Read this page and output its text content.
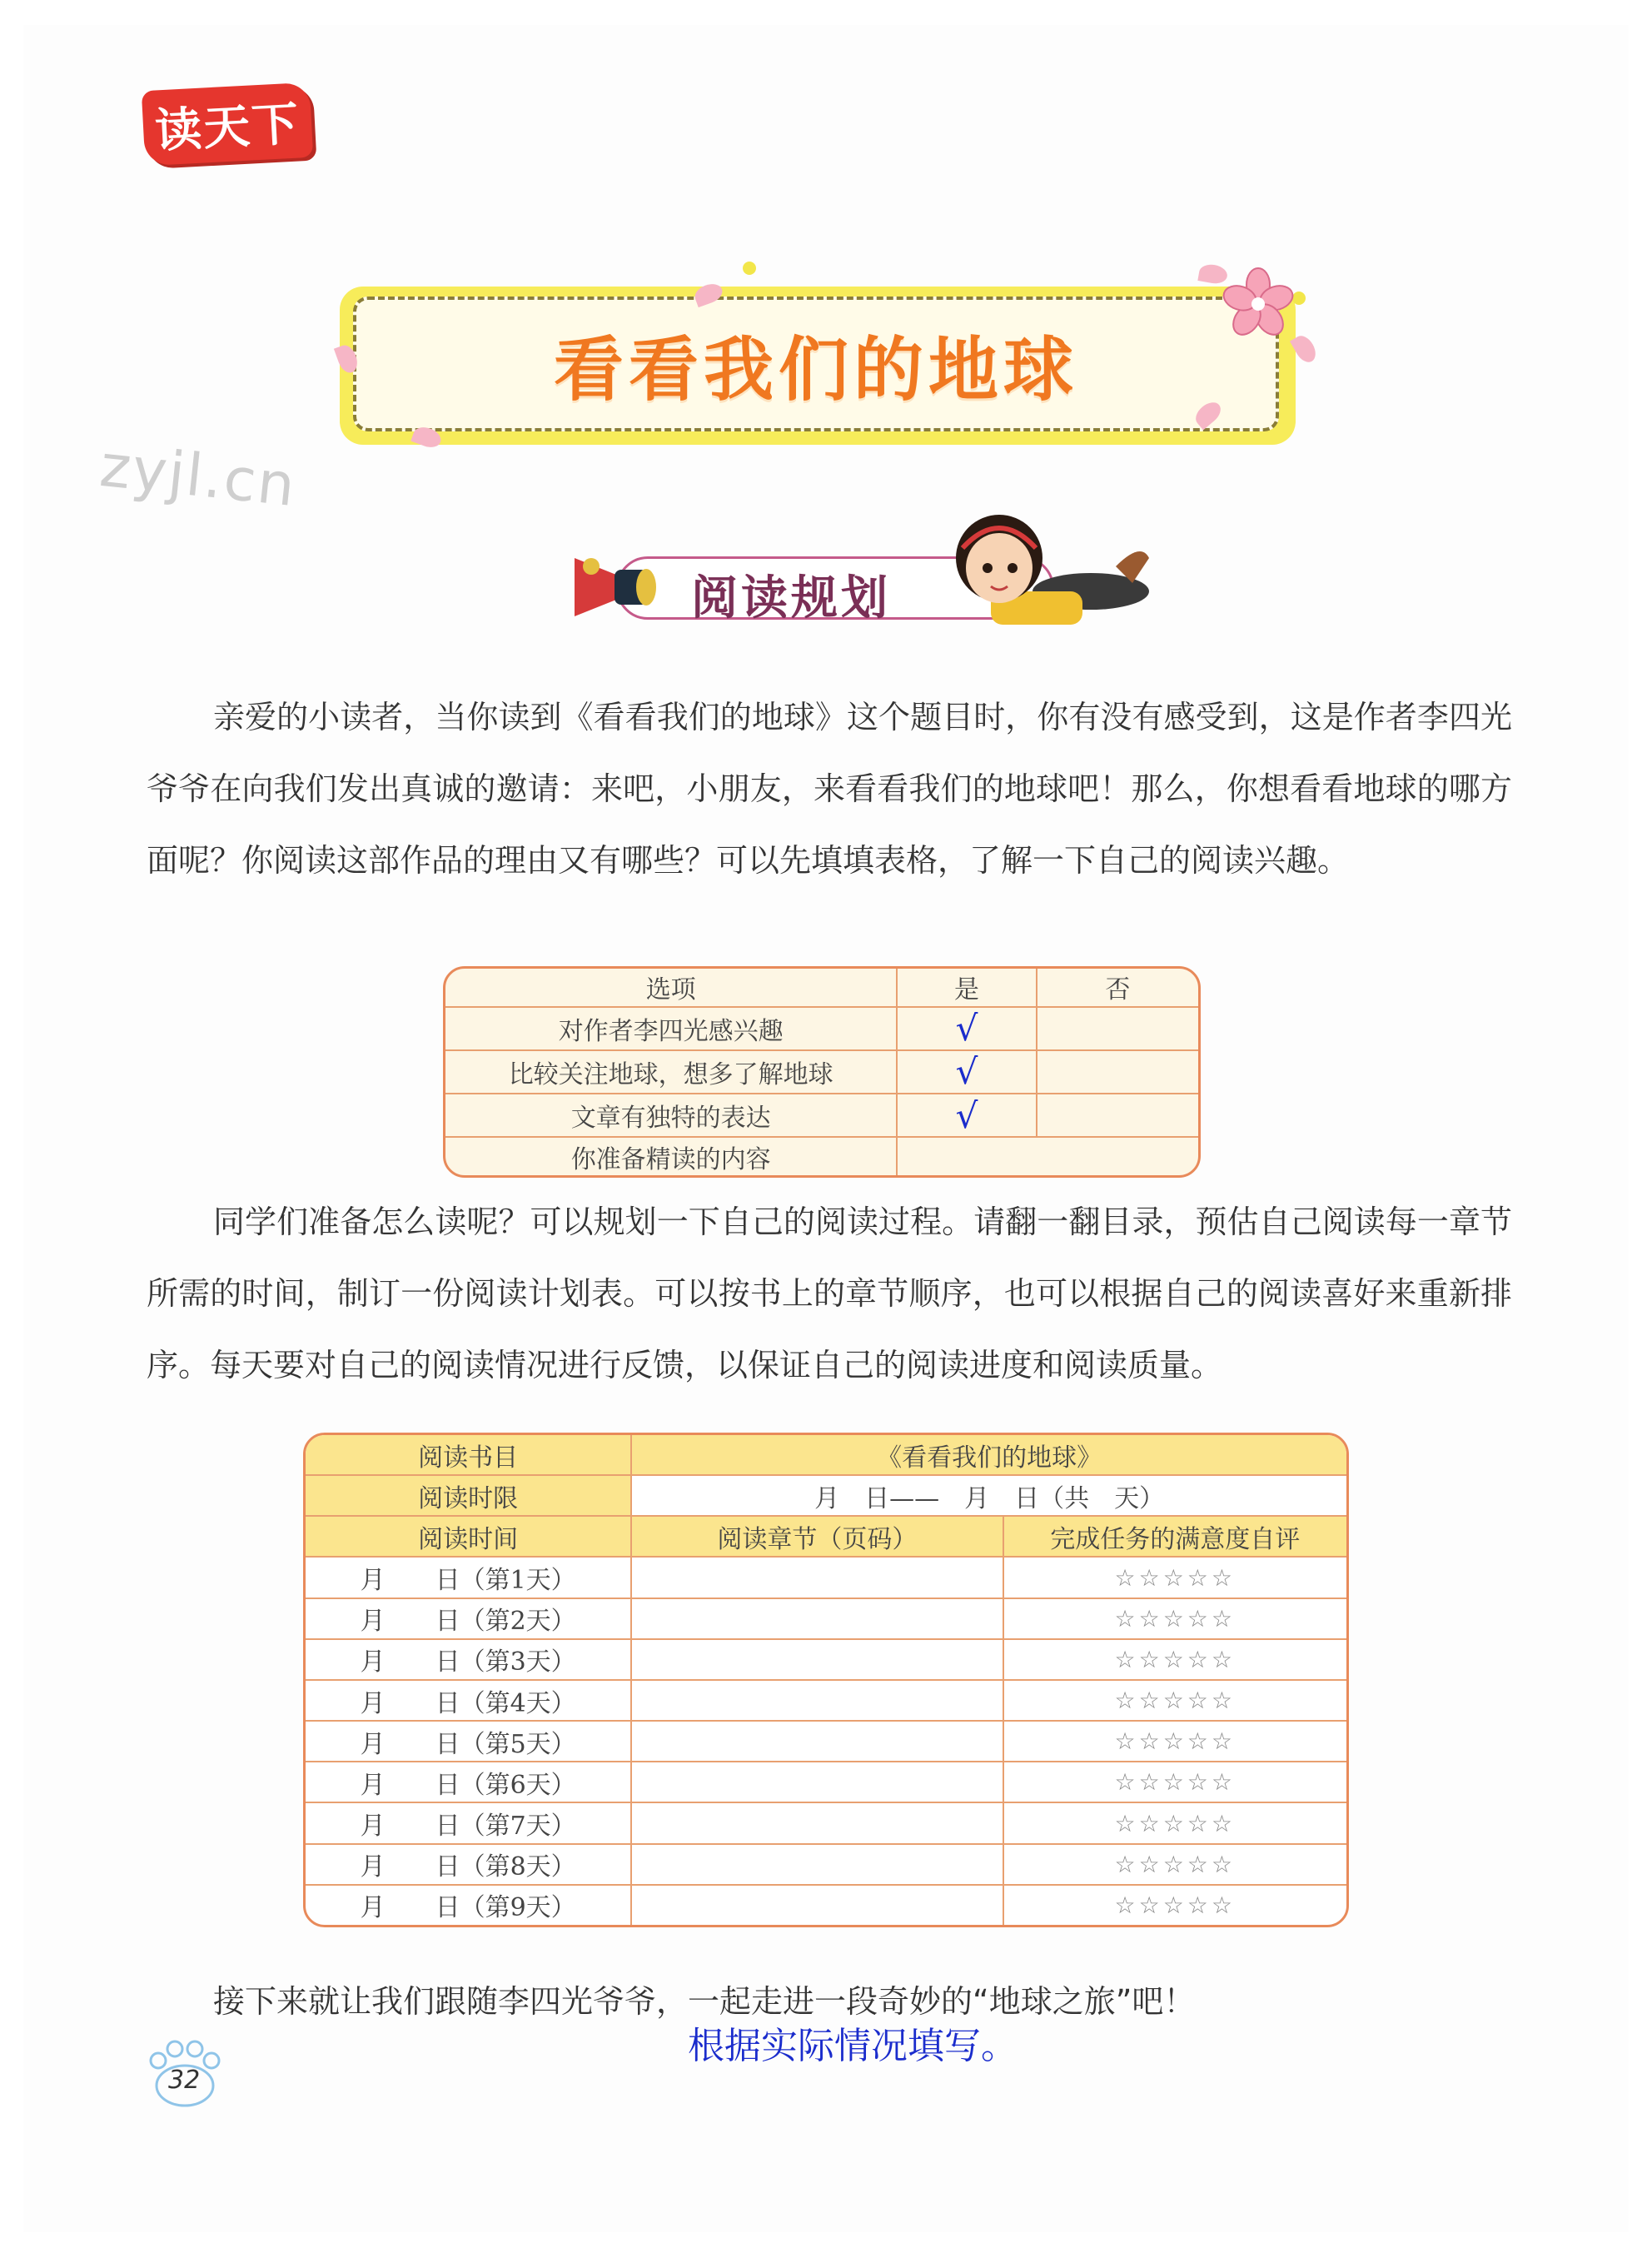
读天下
看看我们的地球
zyjl.cn
阅读规划
亲爱的小读者，当你读到《看看我们的地球》这个题目时，你有没有感受到，这是作者李四光爷爷在向我们发出真诚的邀请：来吧，小朋友，来看看我们的地球吧！那么，你想看看地球的哪方面呢？你阅读这部作品的理由又有哪些？可以先填填表格，了解一下自己的阅读兴趣。
选项	是	否
对作者李四光感兴趣	√	
比较关注地球，想多了解地球	√	
文章有独特的表达	√	
你准备精读的内容		
同学们准备怎么读呢？可以规划一下自己的阅读过程。请翻一翻目录，预估自己阅读每一章节所需的时间，制订一份阅读计划表。可以按书上的章节顺序，也可以根据自己的阅读喜好来重新排序。每天要对自己的阅读情况进行反馈，以保证自己的阅读进度和阅读质量。
阅读书目	《看看我们的地球》	
阅读时限	月　日——　月　日（共　天）	
阅读时间	阅读章节（页码）	完成任务的满意度自评
月　　日（第1天）		☆☆☆☆☆
月　　日（第2天）		☆☆☆☆☆
月　　日（第3天）		☆☆☆☆☆
月　　日（第4天）		☆☆☆☆☆
月　　日（第5天）		☆☆☆☆☆
月　　日（第6天）		☆☆☆☆☆
月　　日（第7天）		☆☆☆☆☆
月　　日（第8天）		☆☆☆☆☆
月　　日（第9天）		☆☆☆☆☆
接下来就让我们跟随李四光爷爷，一起走进一段奇妙的“地球之旅”吧！
根据实际情况填写。
32
